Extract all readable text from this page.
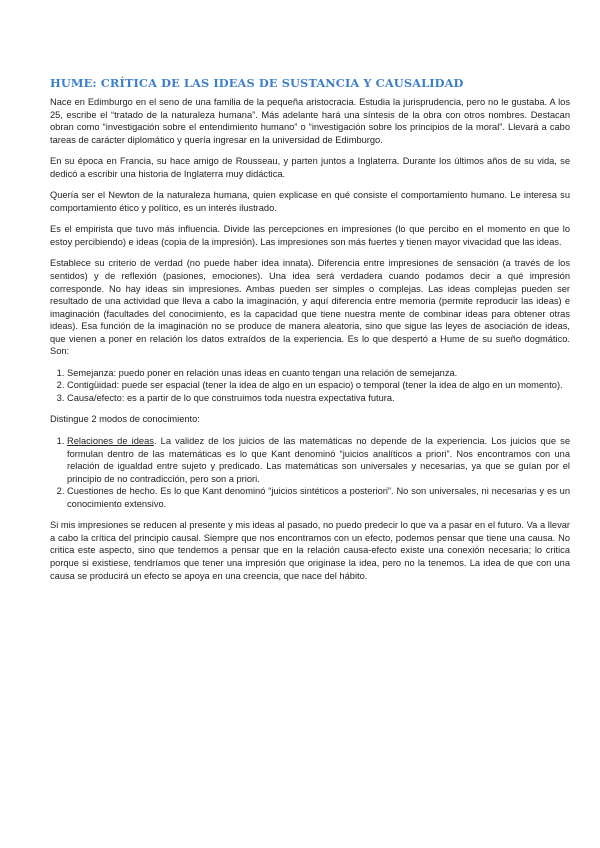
HUME: CRÍTICA DE LAS IDEAS DE SUSTANCIA Y CAUSALIDAD

Nace en Edimburgo en el seno de una familia de la pequeña aristocracia. Estudia la jurisprudencia, pero no le gustaba. A los 25, escribe el “tratado de la naturaleza humana”. Más adelante hará una síntesis de la obra con otros nombres. Destacan obran como “investigación sobre el entendimiento humano” o “investigación sobre los principios de la moral”. Llevará a cabo tareas de carácter diplomático y quería ingresar en la universidad de Edimburgo.

En su época en Francia, su hace amigo de Rousseau, y parten juntos a Inglaterra. Durante los últimos años de su vida, se dedicó a escribir una historia de Inglaterra muy didáctica.

Quería ser el Newton de la naturaleza humana, quien explicase en qué consiste el comportamiento humano. Le interesa su comportamiento ético y político, es un interés ilustrado.

Es el empirista que tuvo más influencia. Divide las percepciones en impresiones (lo que percibo en el momento en que lo estoy percibiendo) e ideas (copia de la impresión). Las impresiones son más fuertes y tienen mayor vivacidad que las ideas.

Establece su criterio de verdad (no puede haber idea innata). Diferencia entre impresiones de sensación (a través de los sentidos) y de reflexión (pasiones, emociones). Una idea será verdadera cuando podamos decir a qué impresión corresponde. No hay ideas sin impresiones. Ambas pueden ser simples o complejas. Las ideas complejas pueden ser resultado de una actividad que lleva a cabo la imaginación, y aquí diferencia entre memoria (permite reproducir las ideas) e imaginación (facultades del conocimiento, es la capacidad que tiene nuestra mente de combinar ideas para obtener otras ideas). Esa función de la imaginación no se produce de manera aleatoria, sino que sigue las leyes de asociación de ideas, que vienen a poner en relación los datos extraídos de la experiencia. Es lo que despertó a Hume de su sueño dogmático. Son:

1. Semejanza: puedo poner en relación unas ideas en cuanto tengan una relación de semejanza.
2. Contigüidad: puede ser espacial (tener la idea de algo en un espacio) o temporal (tener la idea de algo en un momento).
3. Causa/efecto: es a partir de lo que construimos toda nuestra expectativa futura.

Distingue 2 modos de conocimiento:

1. Relaciones de ideas. La validez de los juicios de las matemáticas no depende de la experiencia. Los juicios que se formulan dentro de las matemáticas es lo que Kant denominó “juicios analíticos a priori”. Nos encontramos con una relación de igualdad entre sujeto y predicado. Las matemáticas son universales y necesarias, ya que se guían por el principio de no contradicción, pero son a priori.
2. Cuestiones de hecho. Es lo que Kant denominó “juicios sintéticos a posteriori”. No son universales, ni necesarias y es un conocimiento extensivo.

Si mis impresiones se reducen al presente y mis ideas al pasado, no puedo predecir lo que va a pasar en el futuro. Va a llevar a cabo la crítica del principio causal. Siempre que nos encontramos con un efecto, podemos pensar que tiene una causa. No critica este aspecto, sino que tendemos a pensar que en la relación causa-efecto existe una conexión necesaria; lo critica porque si existiese, tendríamos que tener una impresión que originase la idea, pero no la tenemos. La idea de que con una causa se producirá un efecto se apoya en una creencia, que nace del hábito.
